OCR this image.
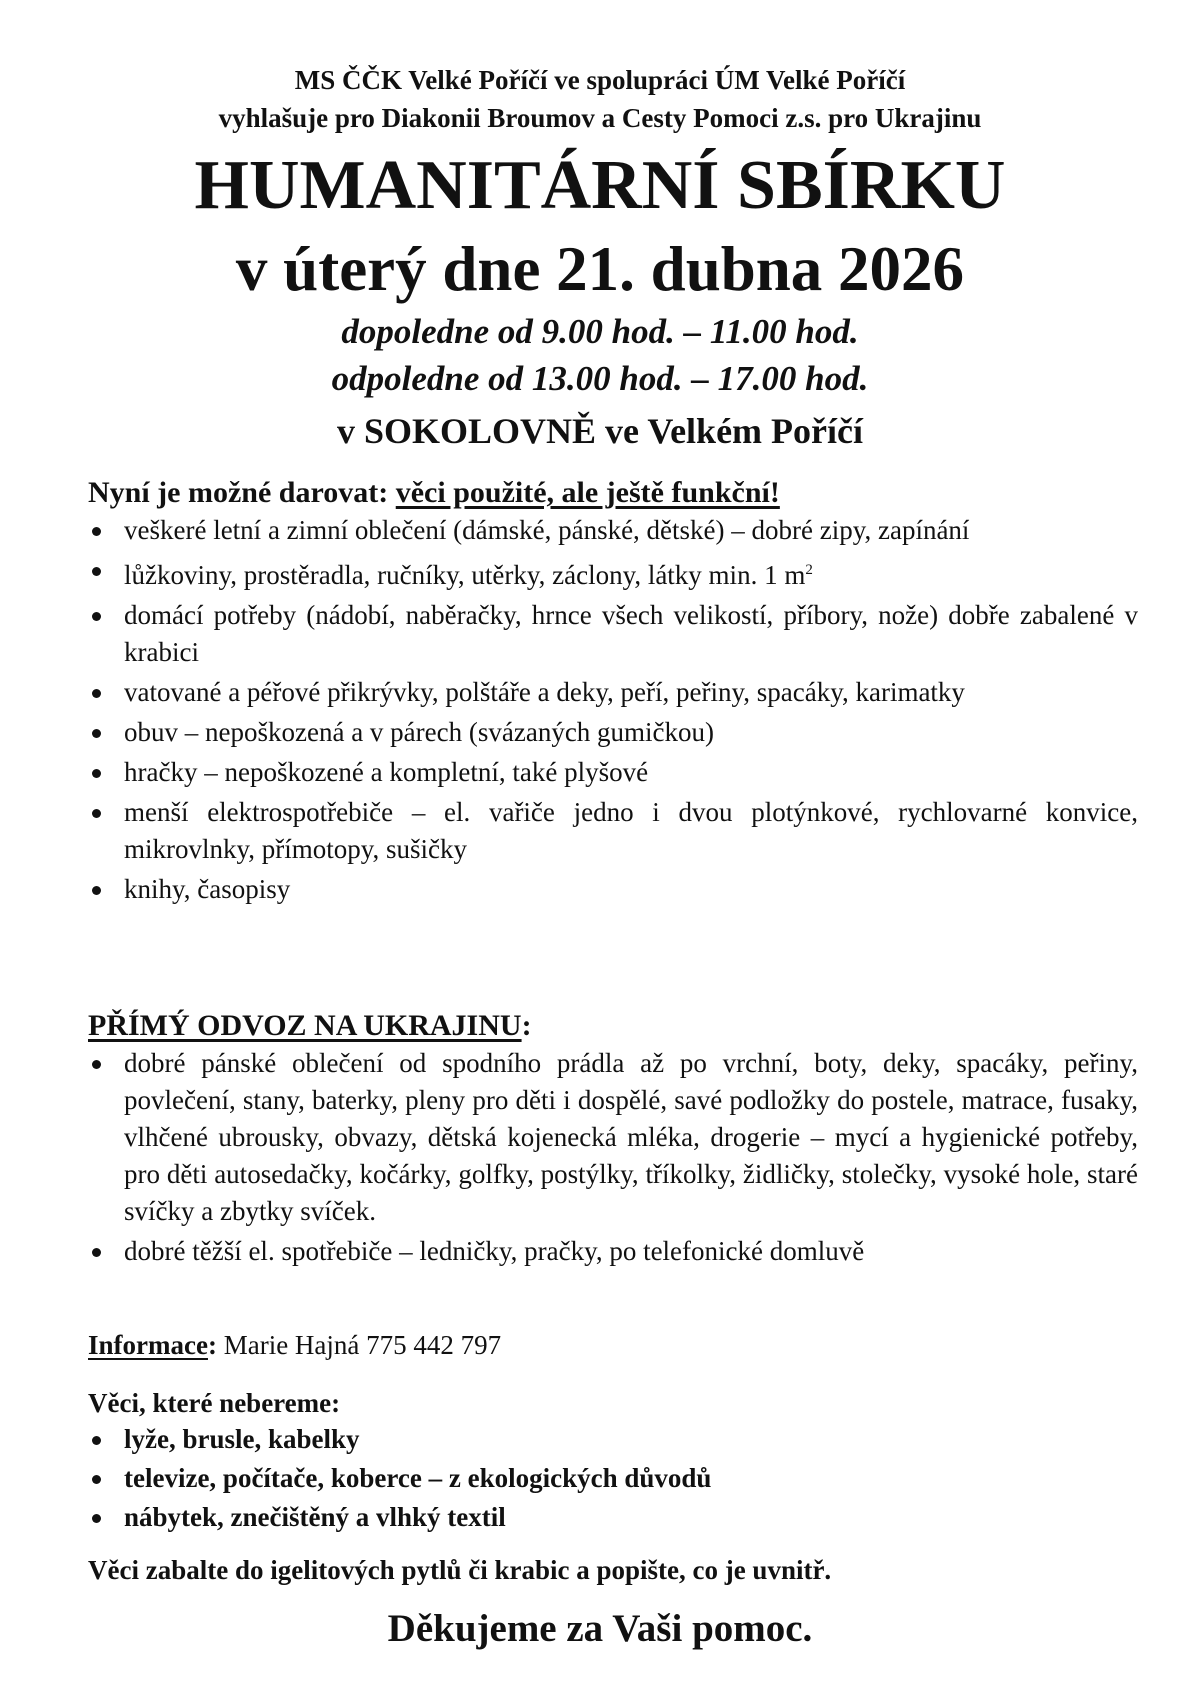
MS ČČK Velké Poříčí ve spolupráci ÚM Velké Poříčí
vyhlašuje pro Diakonii Broumov a Cesty Pomoci z.s. pro Ukrajinu
HUMANITÁRNÍ SBÍRKU
v úterý dne 21. dubna 2026
dopoledne od 9.00 hod. – 11.00 hod.
odpoledne od 13.00 hod. – 17.00 hod.
v SOKOLOVNĚ ve Velkém Poříčí

Nyní je možné darovat: věci použité, ale ještě funkční!

veškeré letní a zimní oblečení (dámské, pánské, dětské) – dobré zipy, zapínání
lůžkoviny, prostěradla, ručníky, utěrky, záclony, látky min. 1 $m^2$
domácí potřeby (nádobí, naběračky, hrnce všech velikostí, příbory, nože) dobře zabalené v krabici
vatované a péřové přikrývky, polštáře a deky, peří, peřiny, spacáky, karimatky
obuv – nepoškozená a v párech (svázaných gumičkou)
hračky – nepoškozené a kompletní, také plyšové
menší elektrospotřebiče – el. vařiče jedno i dvou plotýnkové, rychlovarné konvice, mikrovlnky, přímotopy, sušičky
knihy, časopisy

PŘÍMÝ ODVOZ NA UKRAJINU:

dobré pánské oblečení od spodního prádla až po vrchní, boty, deky, spacáky, peřiny, povlečení, stany, baterky, pleny pro děti i dospělé, savé podložky do postele, matrace, fusaky, vlhčené ubrousky, obvazy, dětská kojenecká mléka, drogerie – mycí a hygienické potřeby, pro děti autosedačky, kočárky, golfky, postýlky, tříkolky, židličky, stolečky, vysoké hole, staré svíčky a zbytky svíček.
dobré těžší el. spotřebiče – ledničky, pračky, po telefonické domluvě
Informace: Marie Hajná 775 442 797

Věci, které nebereme:

lyže, brusle, kabelky
televize, počítače, koberce – z ekologických důvodů
nábytek, znečištěný a vlhký textil
Věci zabalte do igelitových pytlů či krabic a popište, co je uvnitř.
Děkujeme za Vaši pomoc.
